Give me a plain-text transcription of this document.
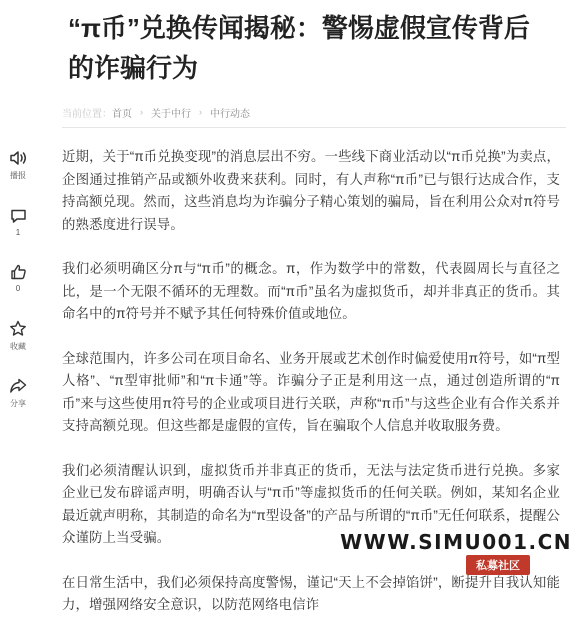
“π币”兑换传闻揭秘：警惕虚假宣传背后
的诈骗行为
当前位置： 首页 › 关于中行 › 中行动态
播报
1
0
收藏
分享

近期，关于“π币兑换变现”的消息层出不穷。一些线下商业活动以“π币兑换”为卖点，企图通过推销产品或额外收费来获利。同时，有人声称“π币”已与银行达成合作，支持高额兑现。然而，这些消息均为诈骗分子精心策划的骗局，旨在利用公众对π符号的熟悉度进行误导。

我们必须明确区分π与“π币”的概念。π，作为数学中的常数，代表圆周长与直径之比，是一个无限不循环的无理数。而“π币”虽名为虚拟货币，却并非真正的货币。其命名中的π符号并不赋予其任何特殊价值或地位。

全球范围内，许多公司在项目命名、业务开展或艺术创作时偏爱使用π符号，如“π型人格”、“π型审批师”和“π卡通”等。诈骗分子正是利用这一点，通过创造所谓的“π币”来与这些使用π符号的企业或项目进行关联，声称“π币”与这些企业有合作关系并支持高额兑现。但这些都是虚假的宣传，旨在骗取个人信息并收取服务费。

我们必须清醒认识到，虚拟货币并非真正的货币，无法与法定货币进行兑换。多家企业已发布辟谣声明，明确否认与“π币”等虚拟货币的任何关联。例如，某知名企业最近就声明称，其制造的命名为“π型设备”的产品与所谓的“π币”无任何联系，提醒公众谨防上当受骗。

在日常生活中，我们必须保持高度警惕，谨记“天上不会掉馅饼”，断提升自我认知能力，增强网络安全意识，以防范网络电信诈

WWW.SIMU001.CN
私募社区
